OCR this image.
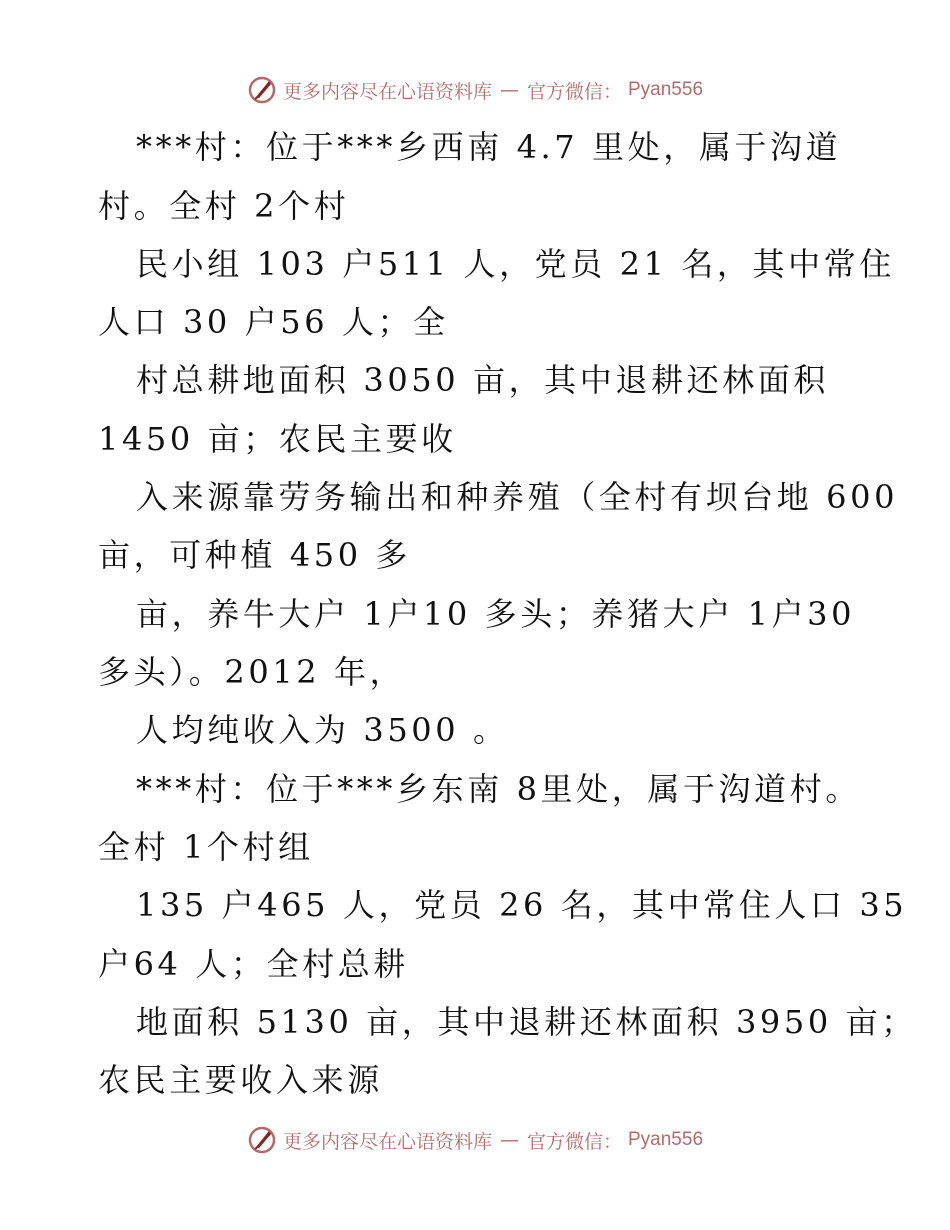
更多内容尽在心语资料库 — 官方微信： Pyan556
***村：位于***乡西南 4.7 里处，属于沟道
村。全村 2个村
民小组 103 户511 人，党员 21 名，其中常住
人口 30 户56 人；全
村总耕地面积 3050 亩，其中退耕还林面积
1450 亩；农民主要收
入来源靠劳务输出和种养殖（全村有坝台地 600
亩，可种植 450 多
亩，养牛大户 1户10 多头；养猪大户 1户30
多头）。2012 年，
人均纯收入为 3500 。
***村：位于***乡东南 8里处，属于沟道村。
全村 1个村组
135 户465 人，党员 26 名，其中常住人口 35
户64 人；全村总耕
地面积 5130 亩，其中退耕还林面积 3950 亩；
农民主要收入来源
更多内容尽在心语资料库 — 官方微信： Pyan556
